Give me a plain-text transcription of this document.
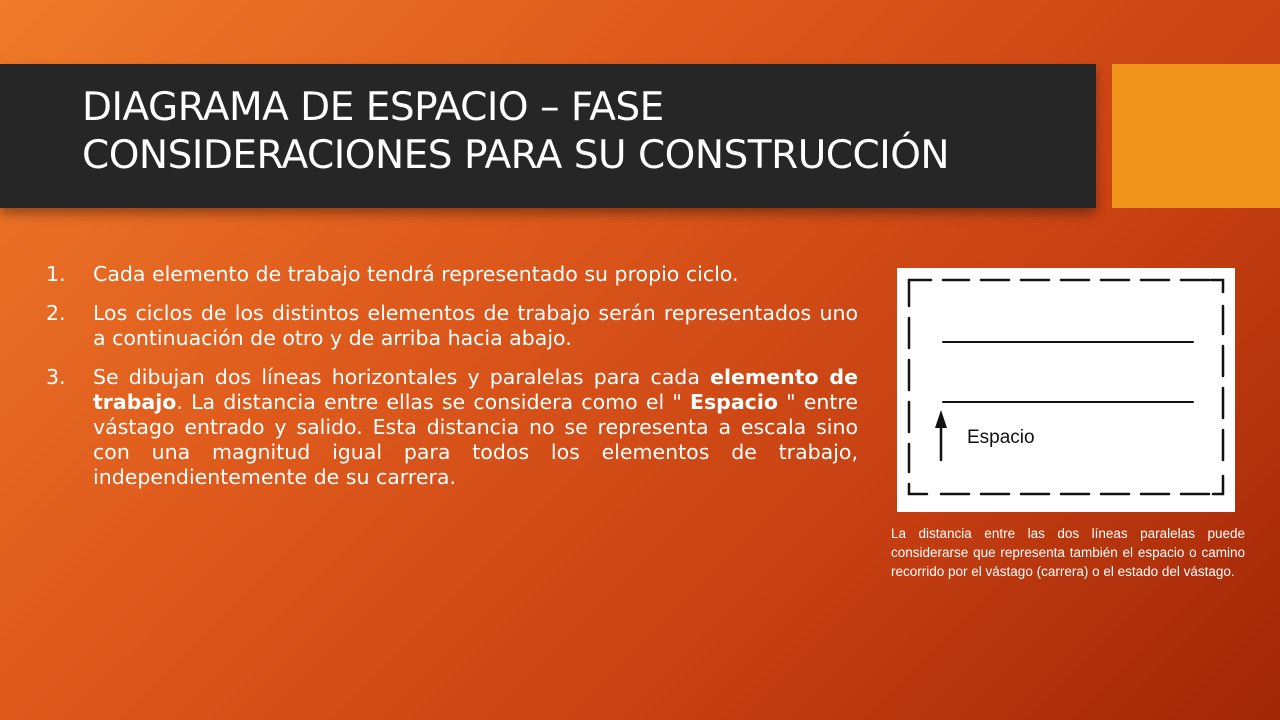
DIAGRAMA DE ESPACIO – FASE
CONSIDERACIONES PARA SU CONSTRUCCIÓN
1.	Cada elemento de trabajo tendrá representado su propio ciclo.
2.	Los ciclos de los distintos elementos de trabajo serán representados uno a continuación de otro y de arriba hacia abajo.
3.	Se dibujan dos líneas horizontales y paralelas para cada elemento de trabajo. La distancia entre ellas se considera como el " Espacio " entre vástago entrado y salido. Esta distancia no se representa a escala sino con una magnitud igual para todos los elementos de trabajo, independientemente de su carrera.
Espacio
La distancia entre las dos líneas paralelas puede considerarse que representa también el espacio o camino recorrido por el vástago (carrera) o el estado del vástago.
